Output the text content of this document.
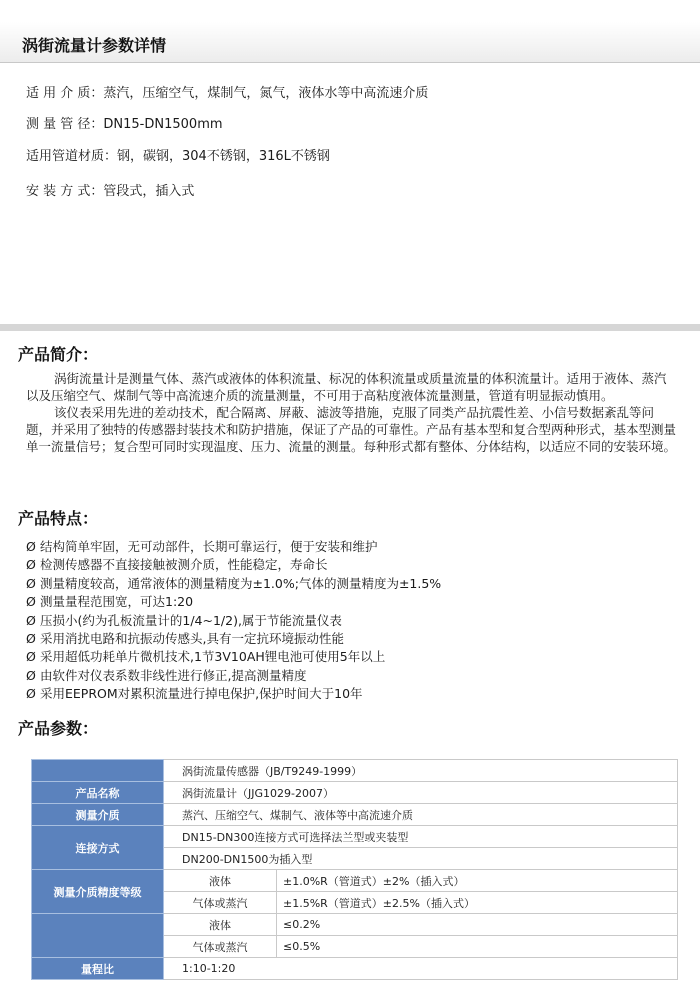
涡街流量计参数详情
适 用 介 质：蒸汽，压缩空气，煤制气，氮气，液体水等中高流速介质
测 量 管 径：DN15-DN1500mm
适用管道材质：钢，碳钢，304不锈钢，316L不锈钢
安 装 方 式：管段式，插入式
产品简介：

涡街流量计是测量气体、蒸汽或液体的体积流量、标况的体积流量或质量流量的体积流量计。适用于液体、蒸汽以及压缩空气、煤制气等中高流速介质的流量测量，不可用于高粘度液体流量测量，管道有明显振动慎用。

该仪表采用先进的差动技术，配合隔离、屏蔽、滤波等措施，克服了同类产品抗震性差、小信号数据紊乱等问题，并采用了独特的传感器封装技术和防护措施，保证了产品的可靠性。产品有基本型和复合型两种形式，基本型测量单一流量信号；复合型可同时实现温度、压力、流量的测量。每种形式都有整体、分体结构，以适应不同的安装环境。

产品特点：
Ø 结构简单牢固，无可动部件，长期可靠运行，便于安装和维护
Ø 检测传感器不直接接触被测介质，性能稳定，寿命长
Ø 测量精度较高，通常液体的测量精度为±1.0%;气体的测量精度为±1.5%
Ø 测量量程范围宽，可达1:20
Ø 压损小(约为孔板流量计的1/4~1/2),属于节能流量仪表
Ø 采用消扰电路和抗振动传感头,具有一定抗环境振动性能
Ø 采用超低功耗单片微机技术,1节3V10AH锂电池可使用5年以上
Ø 由软件对仪表系数非线性进行修正,提高测量精度
Ø 采用EEPROM对累积流量进行掉电保护,保护时间大于10年
产品参数：
	涡街流量传感器（JB/T9249-1999）	
产品名称	涡街流量计（JJG1029-2007）	
测量介质	蒸汽、压缩空气、煤制气、液体等中高流速介质	
连接方式	DN15-DN300连接方式可选择法兰型或夹装型	
	DN200-DN1500为插入型	
测量介质精度等级	液体	±1.0%R（管道式）±2%（插入式）
	气体或蒸汽	±1.5%R（管道式）±2.5%（插入式）
	液体	≤0.2%
	气体或蒸汽	≤0.5%
量程比	1:10-1:20	
